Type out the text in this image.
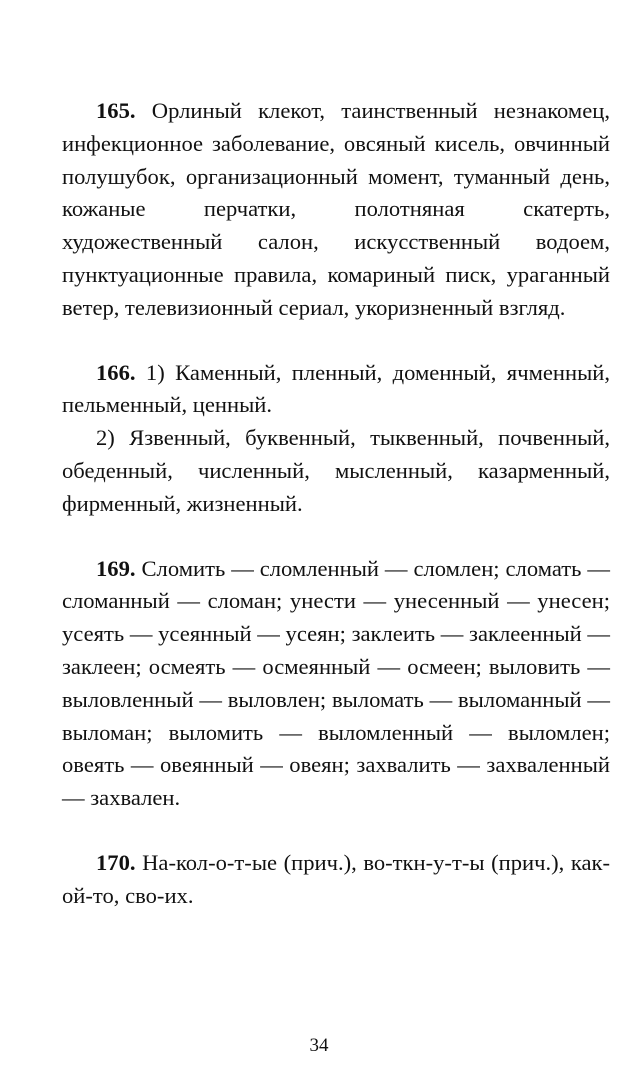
165. Орлиный клекот, таинственный незнакомец, инфекционное заболевание, овсяный кисель, овчинный полушубок, организационный момент, туманный день, кожаные перчатки, полотняная скатерть, художественный салон, искусственный водоем, пунктуационные правила, комариный писк, ураганный ветер, телевизионный сериал, укоризненный взгляд.

166. 1) Каменный, пленный, доменный, ячменный, пельменный, ценный.

2) Язвенный, буквенный, тыквенный, почвенный, обеденный, численный, мысленный, казарменный, фирменный, жизненный.

169. Сломить — сломленный — сломлен; сломать — сломанный — сломан; унести — унесенный — унесен; усеять — усеянный — усеян; заклеить — заклеенный — заклеен; осмеять — осмеянный — осмеен; выловить — выловленный — выловлен; выломать — выломанный — выломан; выломить — выломленный — выломлен; овеять — овеянный — овеян; захвалить — захваленный — захвален.

170. На-кол-о-т-ые (прич.), во-ткн-у-т-ы (прич.), как-ой-то, сво-их.

34
